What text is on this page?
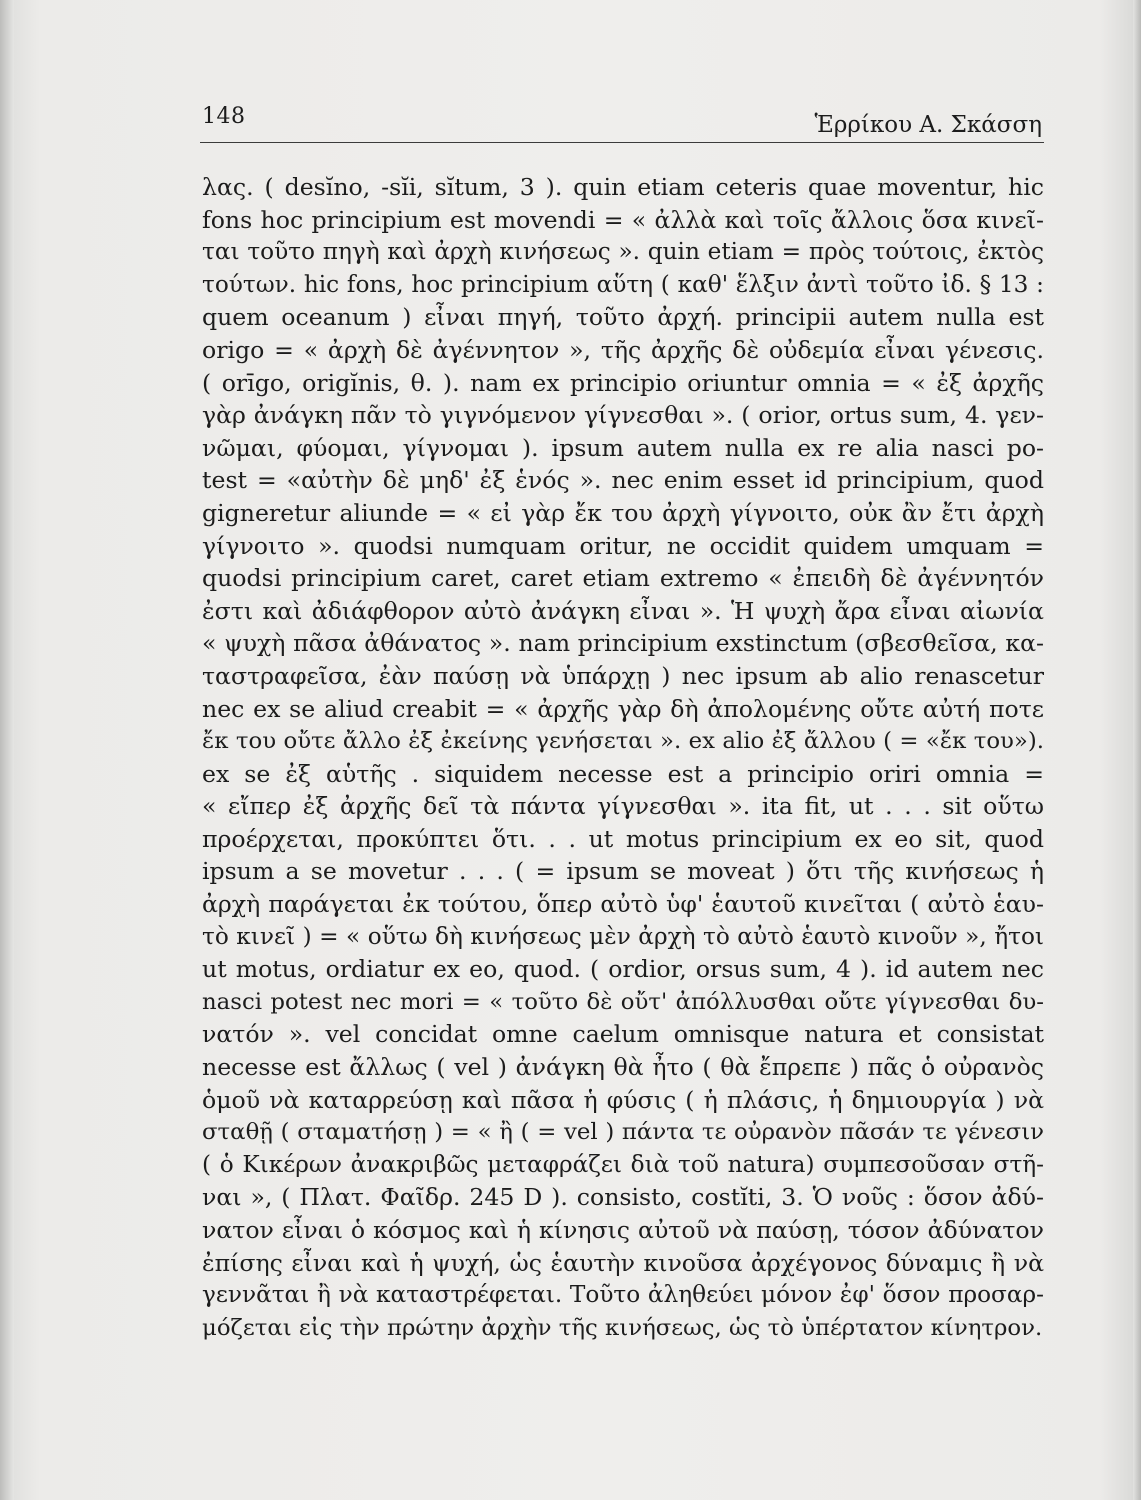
148	Ἑρρίκου Α. Σκάσση
λας. ( desĭno, -sĭi, sĭtum, 3 ). quin etiam ceteris quae moventur, hic
fons hoc principium est movendi = « ἀλλὰ καὶ τοῖς ἄλλοις ὅσα κινεῖ-
ται τοῦτο πηγὴ καὶ ἀρχὴ κινήσεως ». quin etiam = πρὸς τούτοις, ἐκτὸς
τούτων. hic fons, hoc principium αὕτη ( καθ' ἕλξιν ἀντὶ τοῦτο ἰδ. § 13 :
quem oceanum ) εἶναι πηγή, τοῦτο ἀρχή. principii autem nulla est
origo = « ἀρχὴ δὲ ἀγέννητον », τῆς ἀρχῆς δὲ οὐδεμία εἶναι γένεσις.
( orīgo, origĭnis, θ. ). nam ex principio oriuntur omnia = « ἐξ ἀρχῆς
γὰρ ἀνάγκη πᾶν τὸ γιγνόμενον γίγνεσθαι ». ( orior, ortus sum, 4. γεν-
νῶμαι, φύομαι, γίγνομαι ). ipsum autem nulla ex re alia nasci po-
test = «αὐτὴν δὲ μηδ' ἐξ ἑνός ». nec enim esset id principium, quod
gigneretur aliunde = « εἰ γὰρ ἔκ του ἀρχὴ γίγνοιτο, οὐκ ἂν ἔτι ἀρχὴ
γίγνοιτο ». quodsi numquam oritur, ne occidit quidem umquam =
quodsi principium caret, caret etiam extremo « ἐπειδὴ δὲ ἀγέννητόν
ἐστι καὶ ἀδιάφθορον αὐτὸ ἀνάγκη εἶναι ». Ἡ ψυχὴ ἄρα εἶναι αἰωνία
« ψυχὴ πᾶσα ἀθάνατος ». nam principium exstinctum (σβεσθεῖσα, κα-
ταστραφεῖσα, ἐὰν παύσῃ νὰ ὑπάρχῃ ) nec ipsum ab alio renascetur
nec ex se aliud creabit = « ἀρχῆς γὰρ δὴ ἀπολομένης οὔτε αὐτή ποτε
ἔκ του οὔτε ἄλλο ἐξ ἐκείνης γενήσεται ». ex alio ἐξ ἄλλου ( = «ἔκ του»).
ex se ἐξ αὑτῆς . siquidem necesse est a principio oriri omnia =
« εἴπερ ἐξ ἀρχῆς δεῖ τὰ πάντα γίγνεσθαι ». ita fit, ut . . . sit οὕτω
προέρχεται, προκύπτει ὅτι. . . ut motus principium ex eo sit, quod
ipsum a se movetur . . . ( = ipsum se moveat ) ὅτι τῆς κινήσεως ἡ
ἀρχὴ παράγεται ἐκ τούτου, ὅπερ αὐτὸ ὑφ' ἑαυτοῦ κινεῖται ( αὐτὸ ἑαυ-
τὸ κινεῖ ) = « οὕτω δὴ κινήσεως μὲν ἀρχὴ τὸ αὐτὸ ἑαυτὸ κινοῦν », ἤτοι
ut motus, ordiatur ex eo, quod. ( ordior, orsus sum, 4 ). id autem nec
nasci potest nec mori = « τοῦτο δὲ οὔτ' ἀπόλλυσθαι οὔτε γίγνεσθαι δυ-
νατόν ». vel concidat omne caelum omnisque natura et consistat
necesse est ἄλλως ( vel ) ἀνάγκη θὰ ἦτο ( θὰ ἔπρεπε ) πᾶς ὁ οὐρανὸς
ὁμοῦ νὰ καταρρεύσῃ καὶ πᾶσα ἡ φύσις ( ἡ πλάσις, ἡ δημιουργία ) νὰ
σταθῇ ( σταματήσῃ ) = « ἢ ( = vel ) πάντα τε οὐρανὸν πᾶσάν τε γένεσιν
( ὁ Κικέρων ἀνακριβῶς μεταφράζει διὰ τοῦ natura) συμπεσοῦσαν στῆ-
ναι », ( Πλατ. Φαῖδρ. 245 D ). consisto, costĭti, 3. Ὁ νοῦς : ὅσον ἀδύ-
νατον εἶναι ὁ κόσμος καὶ ἡ κίνησις αὐτοῦ νὰ παύσῃ, τόσον ἀδύνατον
ἐπίσης εἶναι καὶ ἡ ψυχή, ὡς ἑαυτὴν κινοῦσα ἀρχέγονος δύναμις ἢ νὰ
γεννᾶται ἢ νὰ καταστρέφεται. Τοῦτο ἀληθεύει μόνον ἐφ' ὅσον προσαρ-
μόζεται εἰς τὴν πρώτην ἀρχὴν τῆς κινήσεως, ὡς τὸ ὑπέρτατον κίνητρον.
